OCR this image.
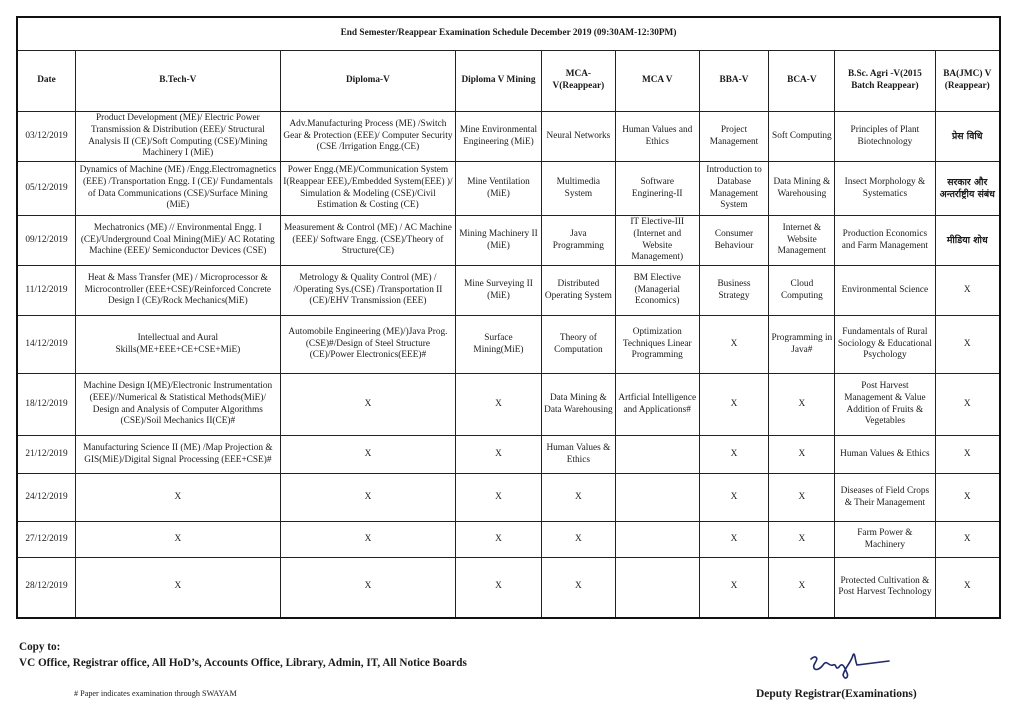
End Semester/Reappear Examination Schedule December 2019 (09:30AM-12:30PM)									
Date	B.Tech-V	Diploma-V	Diploma V Mining	MCA-V(Reappear)	MCA V	BBA-V	BCA-V	B.Sc. Agri -V(2015 Batch Reappear)	BA(JMC) V (Reappear)
03/12/2019	Product Development (ME)/ Electric Power Transmission & Distribution (EEE)/ Structural Analysis II (CE)/Soft Computing (CSE)/Mining Machinery I (MiE)	Adv.Manufacturing Process (ME) /Switch Gear & Protection (EEE)/ Computer Security (CSE /Irrigation Engg.(CE)	Mine Environmental Engineering (MiE)	Neural Networks	Human Values and Ethics	Project Management	Soft Computing	Principles of Plant Biotechnology	प्रेस विधि
05/12/2019	Dynamics of Machine (ME) /Engg.Electromagnetics (EEE) /Transportation Engg. I (CE)/ Fundamentals of Data Communications (CSE)/Surface Mining (MiE)	Power Engg.(ME)/Communication System I(Reappear EEE),/Embedded System(EEE) )/ Simulation & Modeling (CSE)/Civil Estimation & Costing (CE)	Mine Ventilation (MiE)	Multimedia System	Software Enginering-II	Introduction to Database Management System	Data Mining & Warehousing	Insect Morphology & Systematics	सरकार और अन्तर्राष्ट्रीय संबंध
09/12/2019	Mechatronics (ME) // Environmental Engg. I (CE)/Underground Coal Mining(MiE)/ AC Rotating Machine (EEE)/ Semiconductor Devices (CSE)	Measurement & Control (ME) / AC Machine (EEE)/ Software Engg. (CSE)/Theory of Structure(CE)	Mining Machinery II (MiE)	Java Programming	IT Elective-III (Internet and Website Management)	Consumer Behaviour	Internet & Website Management	Production Economics and Farm Management	मीडिया शोध
11/12/2019	Heat & Mass Transfer (ME) / Microprocessor & Microcontroller (EEE+CSE)/Reinforced Concrete Design I (CE)/Rock Mechanics(MiE)	Metrology & Quality Control (ME) / /Operating Sys.(CSE) /Transportation II (CE)/EHV Transmission (EEE)	Mine Surveying II (MiE)	Distributed Operating System	BM Elective (Managerial Economics)	Business Strategy	Cloud Computing	Environmental Science	X
14/12/2019	Intellectual and Aural Skills(ME+EEE+CE+CSE+MiE)	Automobile Engineering (ME)/)Java Prog.(CSE)#/Design of Steel Structure (CE)/Power Electronics(EEE)#	Surface Mining(MiE)	Theory of Computation	Optimization Techniques Linear Programming	X	Programming in Java#	Fundamentals of Rural Sociology & Educational Psychology	X
18/12/2019	Machine Design I(ME)/Electronic Instrumentation (EEE)//Numerical & Statistical Methods(MiE)/ Design and Analysis of Computer Algorithms (CSE)/Soil Mechanics II(CE)#	X	X	Data Mining & Data Warehousing	Artficial Intelligence and Applications#	X	X	Post Harvest Management & Value Addition of Fruits & Vegetables	X
21/12/2019	Manufacturing Science II (ME) /Map Projection & GIS(MiE)/Digital Signal Processing (EEE+CSE)#	X	X	Human Values & Ethics		X	X	Human Values & Ethics	X
24/12/2019	X	X	X	X		X	X	Diseases of Field Crops & Their Management	X
27/12/2019	X	X	X	X		X	X	Farm Power & Machinery	X
28/12/2019	X	X	X	X		X	X	Protected Cultivation & Post Harvest Technology	X
Copy to:
VC Office, Registrar office, All HoD’s, Accounts Office, Library, Admin, IT, All Notice Boards
# Paper indicates examination through SWAYAM	Deputy Registrar(Examinations)
